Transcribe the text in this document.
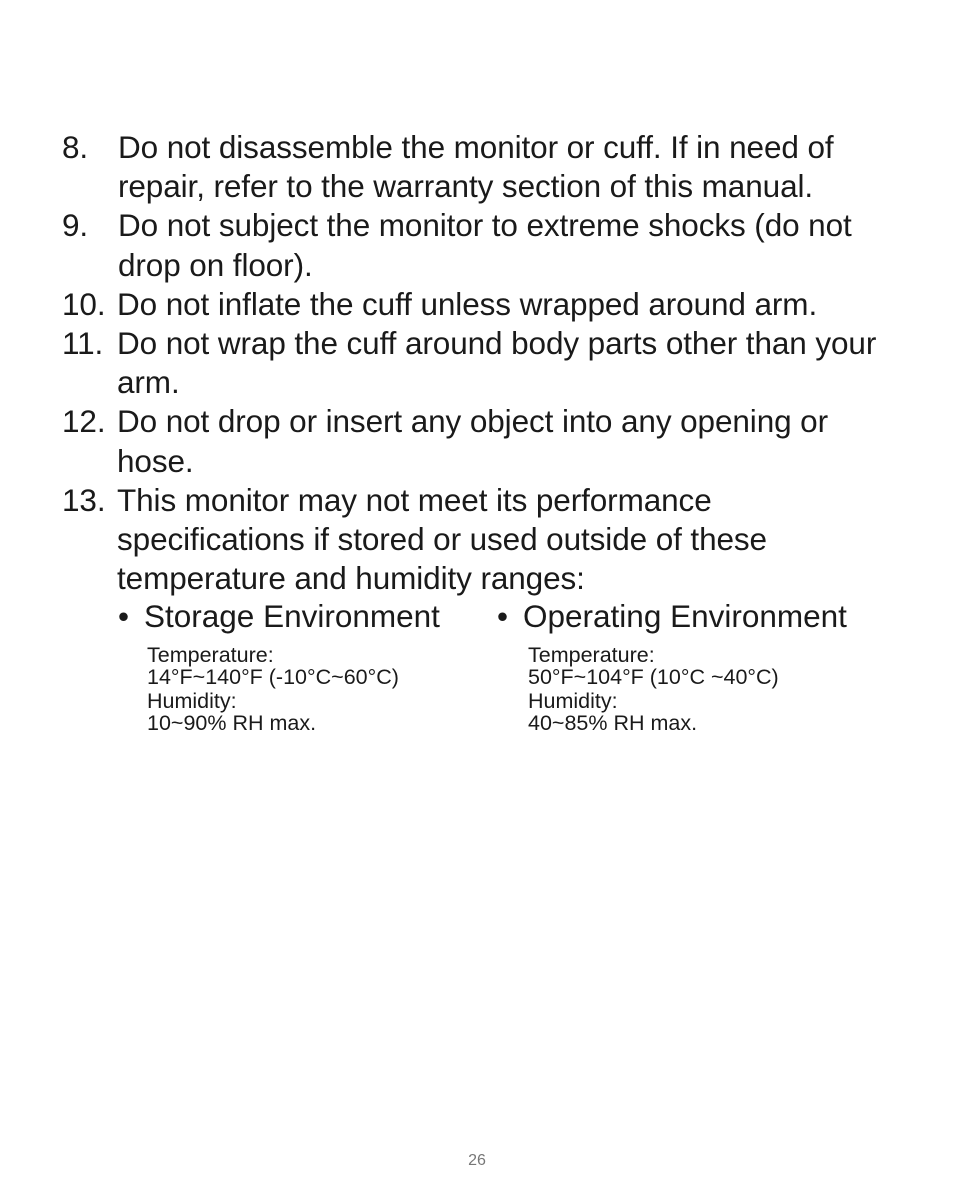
8. Do not disassemble the monitor or cuff. If in need of repair, refer to the warranty section of this manual.
9. Do not subject the monitor to extreme shocks (do not drop on floor).
10. Do not inflate the cuff unless wrapped around arm.
11. Do not wrap the cuff around body parts other than your arm.
12. Do not drop or insert any object into any opening or hose.
13. This monitor may not meet its performance specifications if stored or used outside of these temperature and humidity ranges:
• Storage Environment • Operating Environment
Temperature:
14°F~140°F (-10°C~60°C)
Humidity:
10~90% RH max.
Temperature:
50°F~104°F (10°C ~40°C)
Humidity:
40~85% RH max.
26
